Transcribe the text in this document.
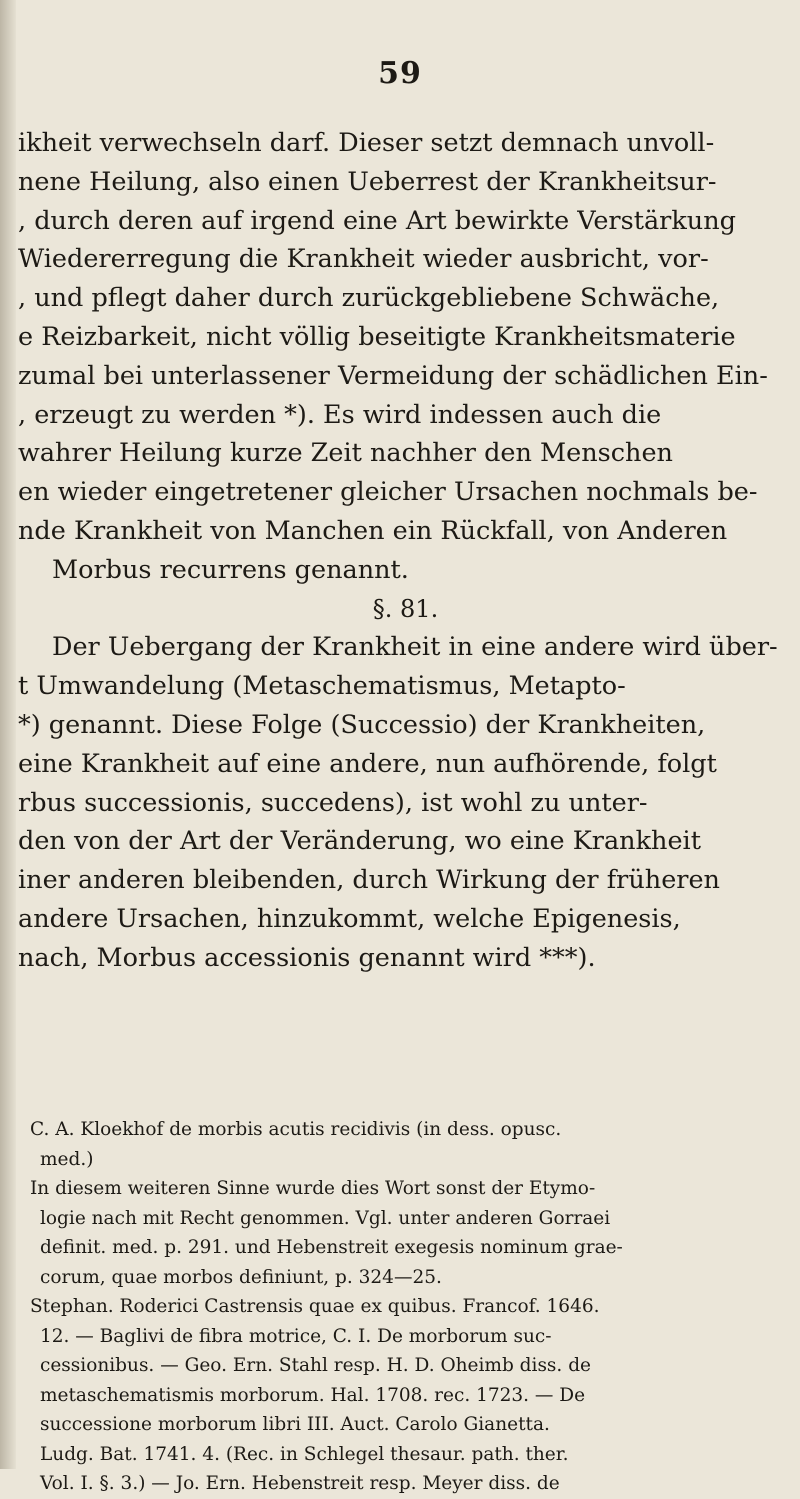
59
ikheit verwechseln darf. Dieser setzt demnach unvoll-
nene Heilung, also einen Ueberrest der Krankheitsur-
, durch deren auf irgend eine Art bewirkte Verstärkung
Wiedererregung die Krankheit wieder ausbricht, vor-
, und pflegt daher durch zurückgebliebene Schwäche,
e Reizbarkeit, nicht völlig beseitigte Krankheitsmaterie
zumal bei unterlassener Vermeidung der schädlichen Ein-
, erzeugt zu werden *). Es wird indessen auch die
wahrer Heilung kurze Zeit nachher den Menschen
en wieder eingetretener gleicher Ursachen nochmals be-
nde Krankheit von Manchen ein Rückfall, von Anderen
Morbus recurrens genannt.
§. 81.
Der Uebergang der Krankheit in eine andere wird über-
t Umwandelung (Metaschematismus, Metapto-
*) genannt. Diese Folge (Successio) der Krankheiten,
eine Krankheit auf eine andere, nun aufhörende, folgt
rbus successionis, succedens), ist wohl zu unter-
den von der Art der Veränderung, wo eine Krankheit
iner anderen bleibenden, durch Wirkung der früheren
andere Ursachen, hinzukommt, welche Epigenesis,
nach, Morbus accessionis genannt wird ***).
C. A. Kloekhof de morbis acutis recidivis (in dess. opusc.
med.)
In diesem weiteren Sinne wurde dies Wort sonst der Etymo-
logie nach mit Recht genommen. Vgl. unter anderen Gorraei
definit. med. p. 291. und Hebenstreit exegesis nominum grae-
corum, quae morbos definiunt, p. 324—25.
Stephan. Roderici Castrensis quae ex quibus. Francof. 1646.
12. — Baglivi de fibra motrice, C. I. De morborum suc-
cessionibus. — Geo. Ern. Stahl resp. H. D. Oheimb diss. de
metaschematismis morborum. Hal. 1708. rec. 1723. — De
successione morborum libri III. Auct. Carolo Gianetta.
Ludg. Bat. 1741. 4. (Rec. in Schlegel thesaur. path. ther.
Vol. I. §. 3.) — Jo. Ern. Hebenstreit resp. Meyer diss. de
